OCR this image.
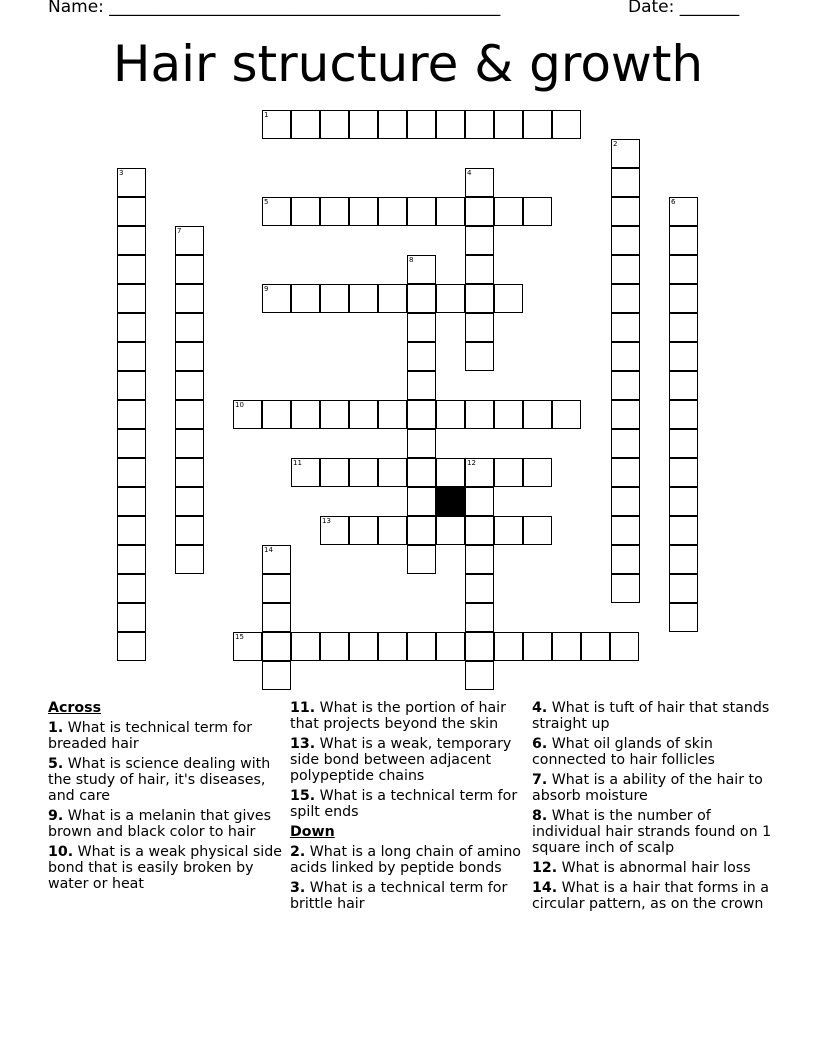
Name: ______________________________________________	Date: _______
Hair structure & growth
1
2
3	4
5	6
7
8
9
10
11	12
13
14
15
Across
1. What is technical term for breaded hair
5. What is science dealing with the study of hair, it's diseases, and care
9. What is a melanin that gives brown and black color to hair
10. What is a weak physical side bond that is easily broken by water or heat
11. What is the portion of hair that projects beyond the skin
13. What is a weak, temporary side bond between adjacent polypeptide chains
15. What is a technical term for spilt ends
Down
2. What is a long chain of amino acids linked by peptide bonds
3. What is a technical term for brittle hair
4. What is tuft of hair that stands straight up
6. What oil glands of skin connected to hair follicles
7. What is a ability of the hair to absorb moisture
8. What is the number of individual hair strands found on 1 square inch of scalp
12. What is abnormal hair loss
14. What is a hair that forms in a circular pattern, as on the crown
